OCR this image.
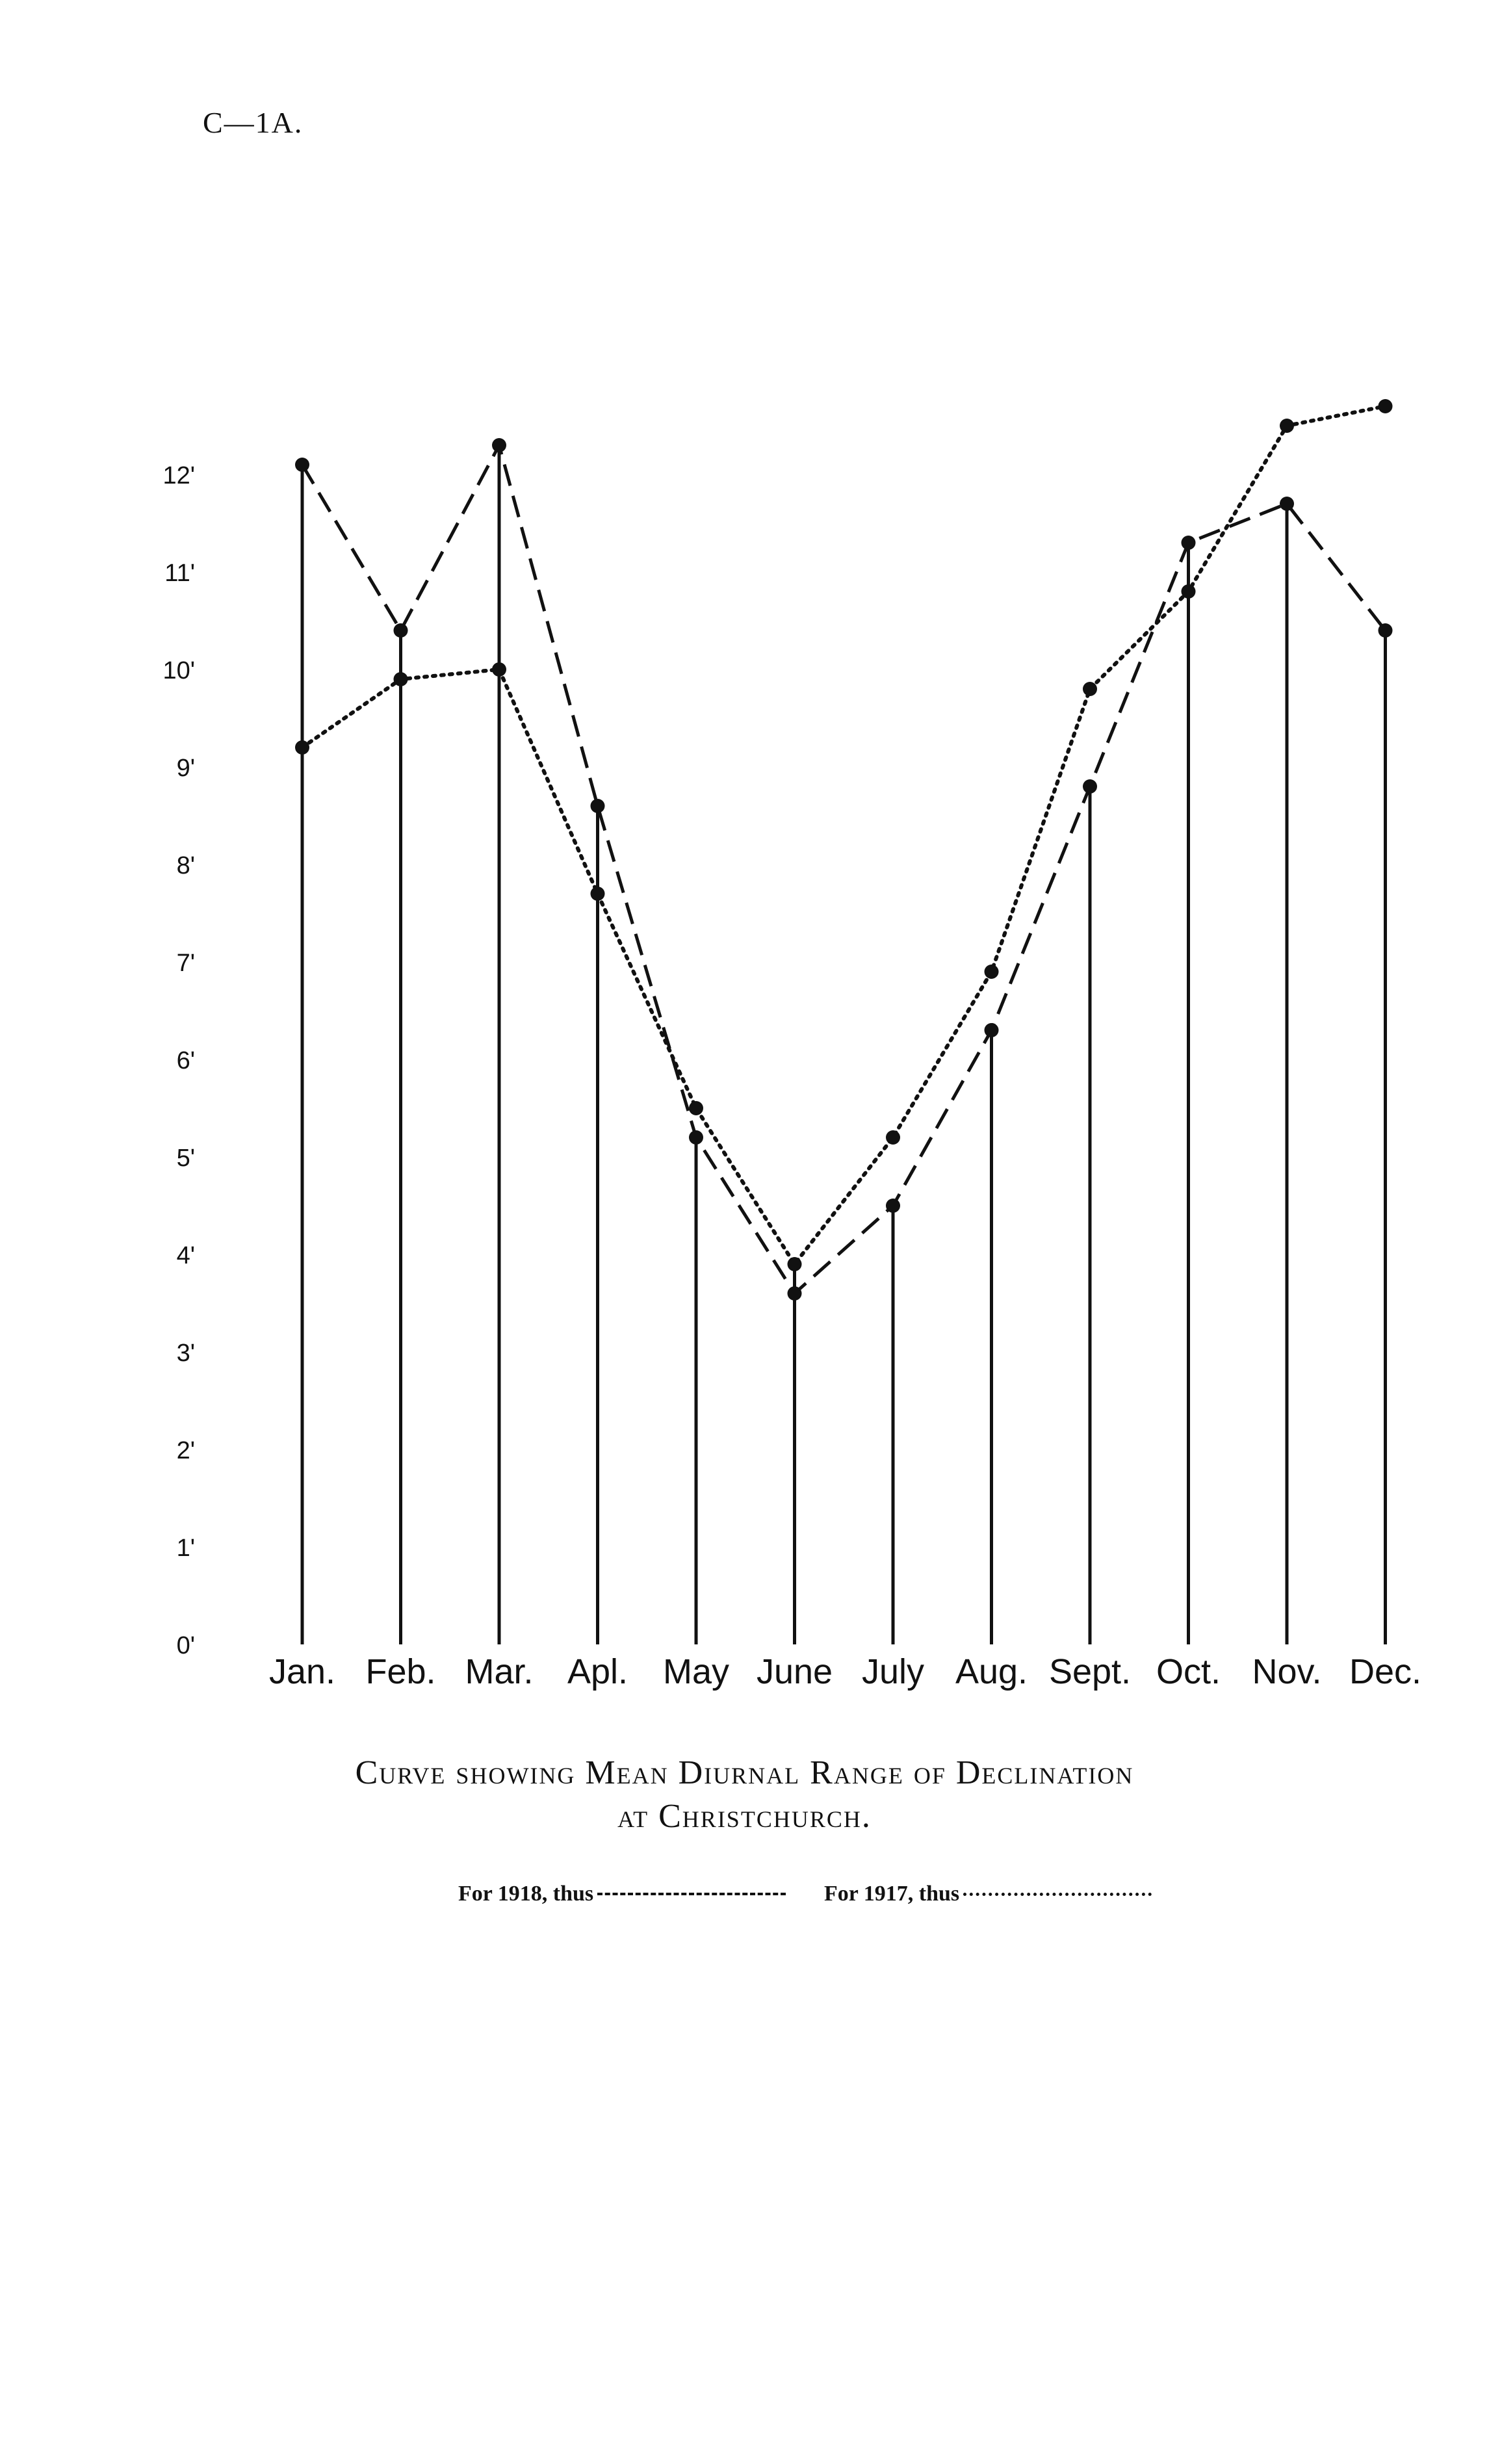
C—1A.
0'
1'
2'
3'
4'
5'
6'
7'
8'
9'
10'
11'
12'
Jan. Feb. Mar. Apl. May June July Aug. Sept. Oct. Nov. Dec.
Curve showing Mean Diurnal Range of Declination
at Christchurch.
For 1918, thus	For 1917, thus
